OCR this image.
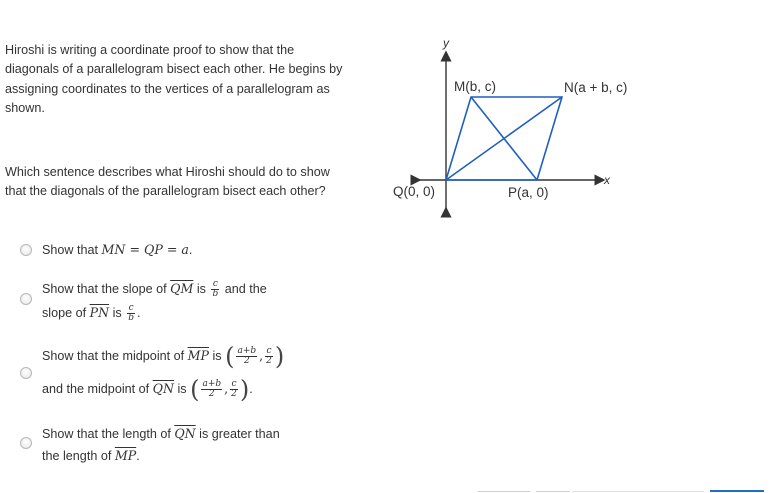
Hiroshi is writing a coordinate proof to show that the diagonals of a parallelogram bisect each other. He begins by assigning coordinates to the vertices of a parallelogram as shown.
Which sentence describes what Hiroshi should do to show that the diagonals of the parallelogram bisect each other?
y
x
M(b, c)	N(a + b, c)
Q(0, 0)	P(a, 0)
Show that MN = QP = a.
Show that the slope of $\overline{QM}$ is $\frac{c}{b}$ and the
slope of $\overline{PN}$ is $\frac{c}{b}$ .
Show that the midpoint of $\overline{MP}$ is ( $\frac{a+b}{2}$ , $\frac{c}{2}$ )
and the midpoint of $\overline{QN}$ is ( $\frac{a+b}{2}$ , $\frac{c}{2}$ ).
Show that the length of $\overline{QN}$ is greater than
the length of $\overline{MP}$.
